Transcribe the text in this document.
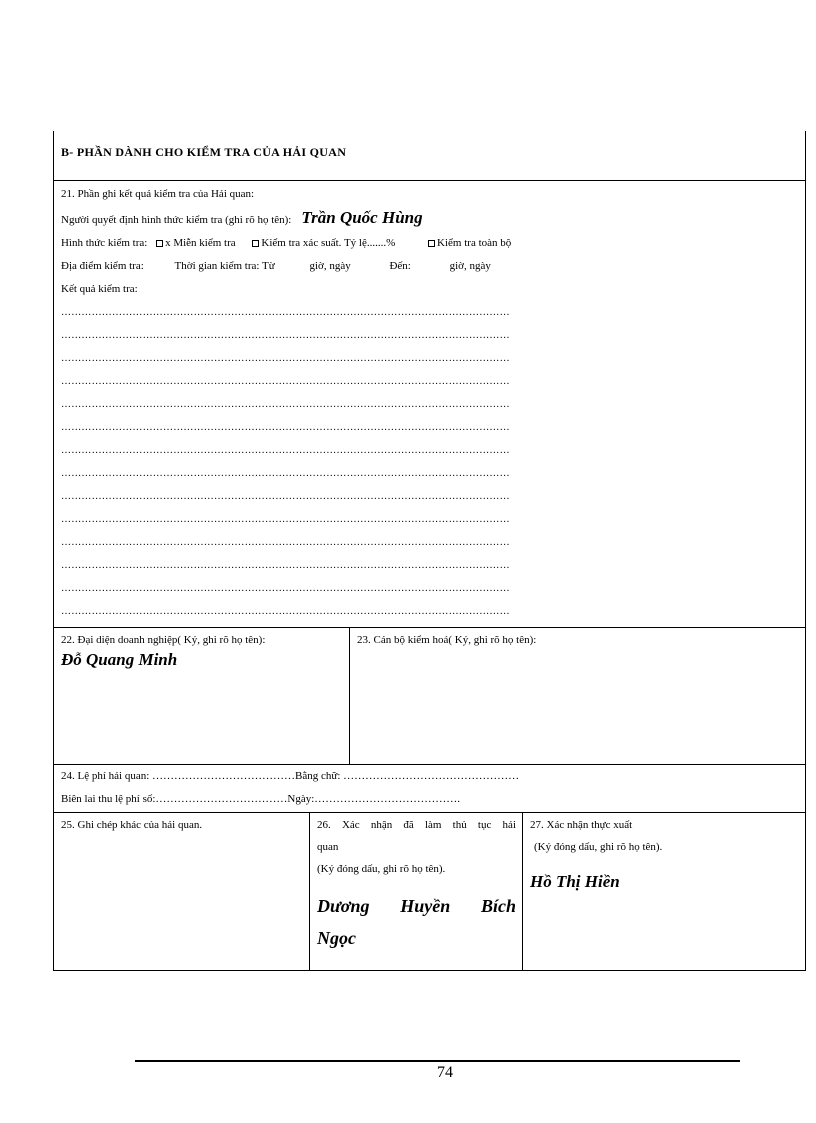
B- PHẦN DÀNH CHO KIỂM TRA CỦA HẢI QUAN
21. Phần ghi kết quả kiểm tra của Hải quan:
Người quyết định hình thức kiểm tra (ghi rõ họ tên): Trần Quốc Hùng
Hình thức kiểm tra: x Miễn kiểm tra Kiểm tra xác suất. Tỷ lệ.......%	Kiểm tra toàn bộ
Địa điểm kiểm tra:	Thời gian kiểm tra: Từ	giờ, ngày	Đến:	giờ, ngày
Kết quả kiểm tra:
……………………………………………………………………………………………………………………
……………………………………………………………………………………………………………………
……………………………………………………………………………………………………………………
……………………………………………………………………………………………………………………
……………………………………………………………………………………………………………………
……………………………………………………………………………………………………………………
……………………………………………………………………………………………………………………
……………………………………………………………………………………………………………………
……………………………………………………………………………………………………………………
……………………………………………………………………………………………………………………
……………………………………………………………………………………………………………………
……………………………………………………………………………………………………………………
……………………………………………………………………………………………………………………
……………………………………………………………………………………………………………………
22. Đại diện doanh nghiệp( Ký, ghi rõ họ tên):
Đỗ Quang Minh
23. Cán bộ kiểm hoá( Ký, ghi rõ họ tên):
24. Lệ phí hải quan: …………………………………Bằng chữ: …………………………………………
Biên lai thu lệ phí số:………………………………Ngày:………………………………….
25. Ghi chép khác của hải quan.	26. Xác nhận đã làm thủ tục hải
quan
(Ký đóng dấu, ghi rõ họ tên).
Dương Huyền Bích
Ngọc
27. Xác nhận thực xuất
(Ký đóng dấu, ghi rõ họ tên).
Hồ Thị Hiền
74
